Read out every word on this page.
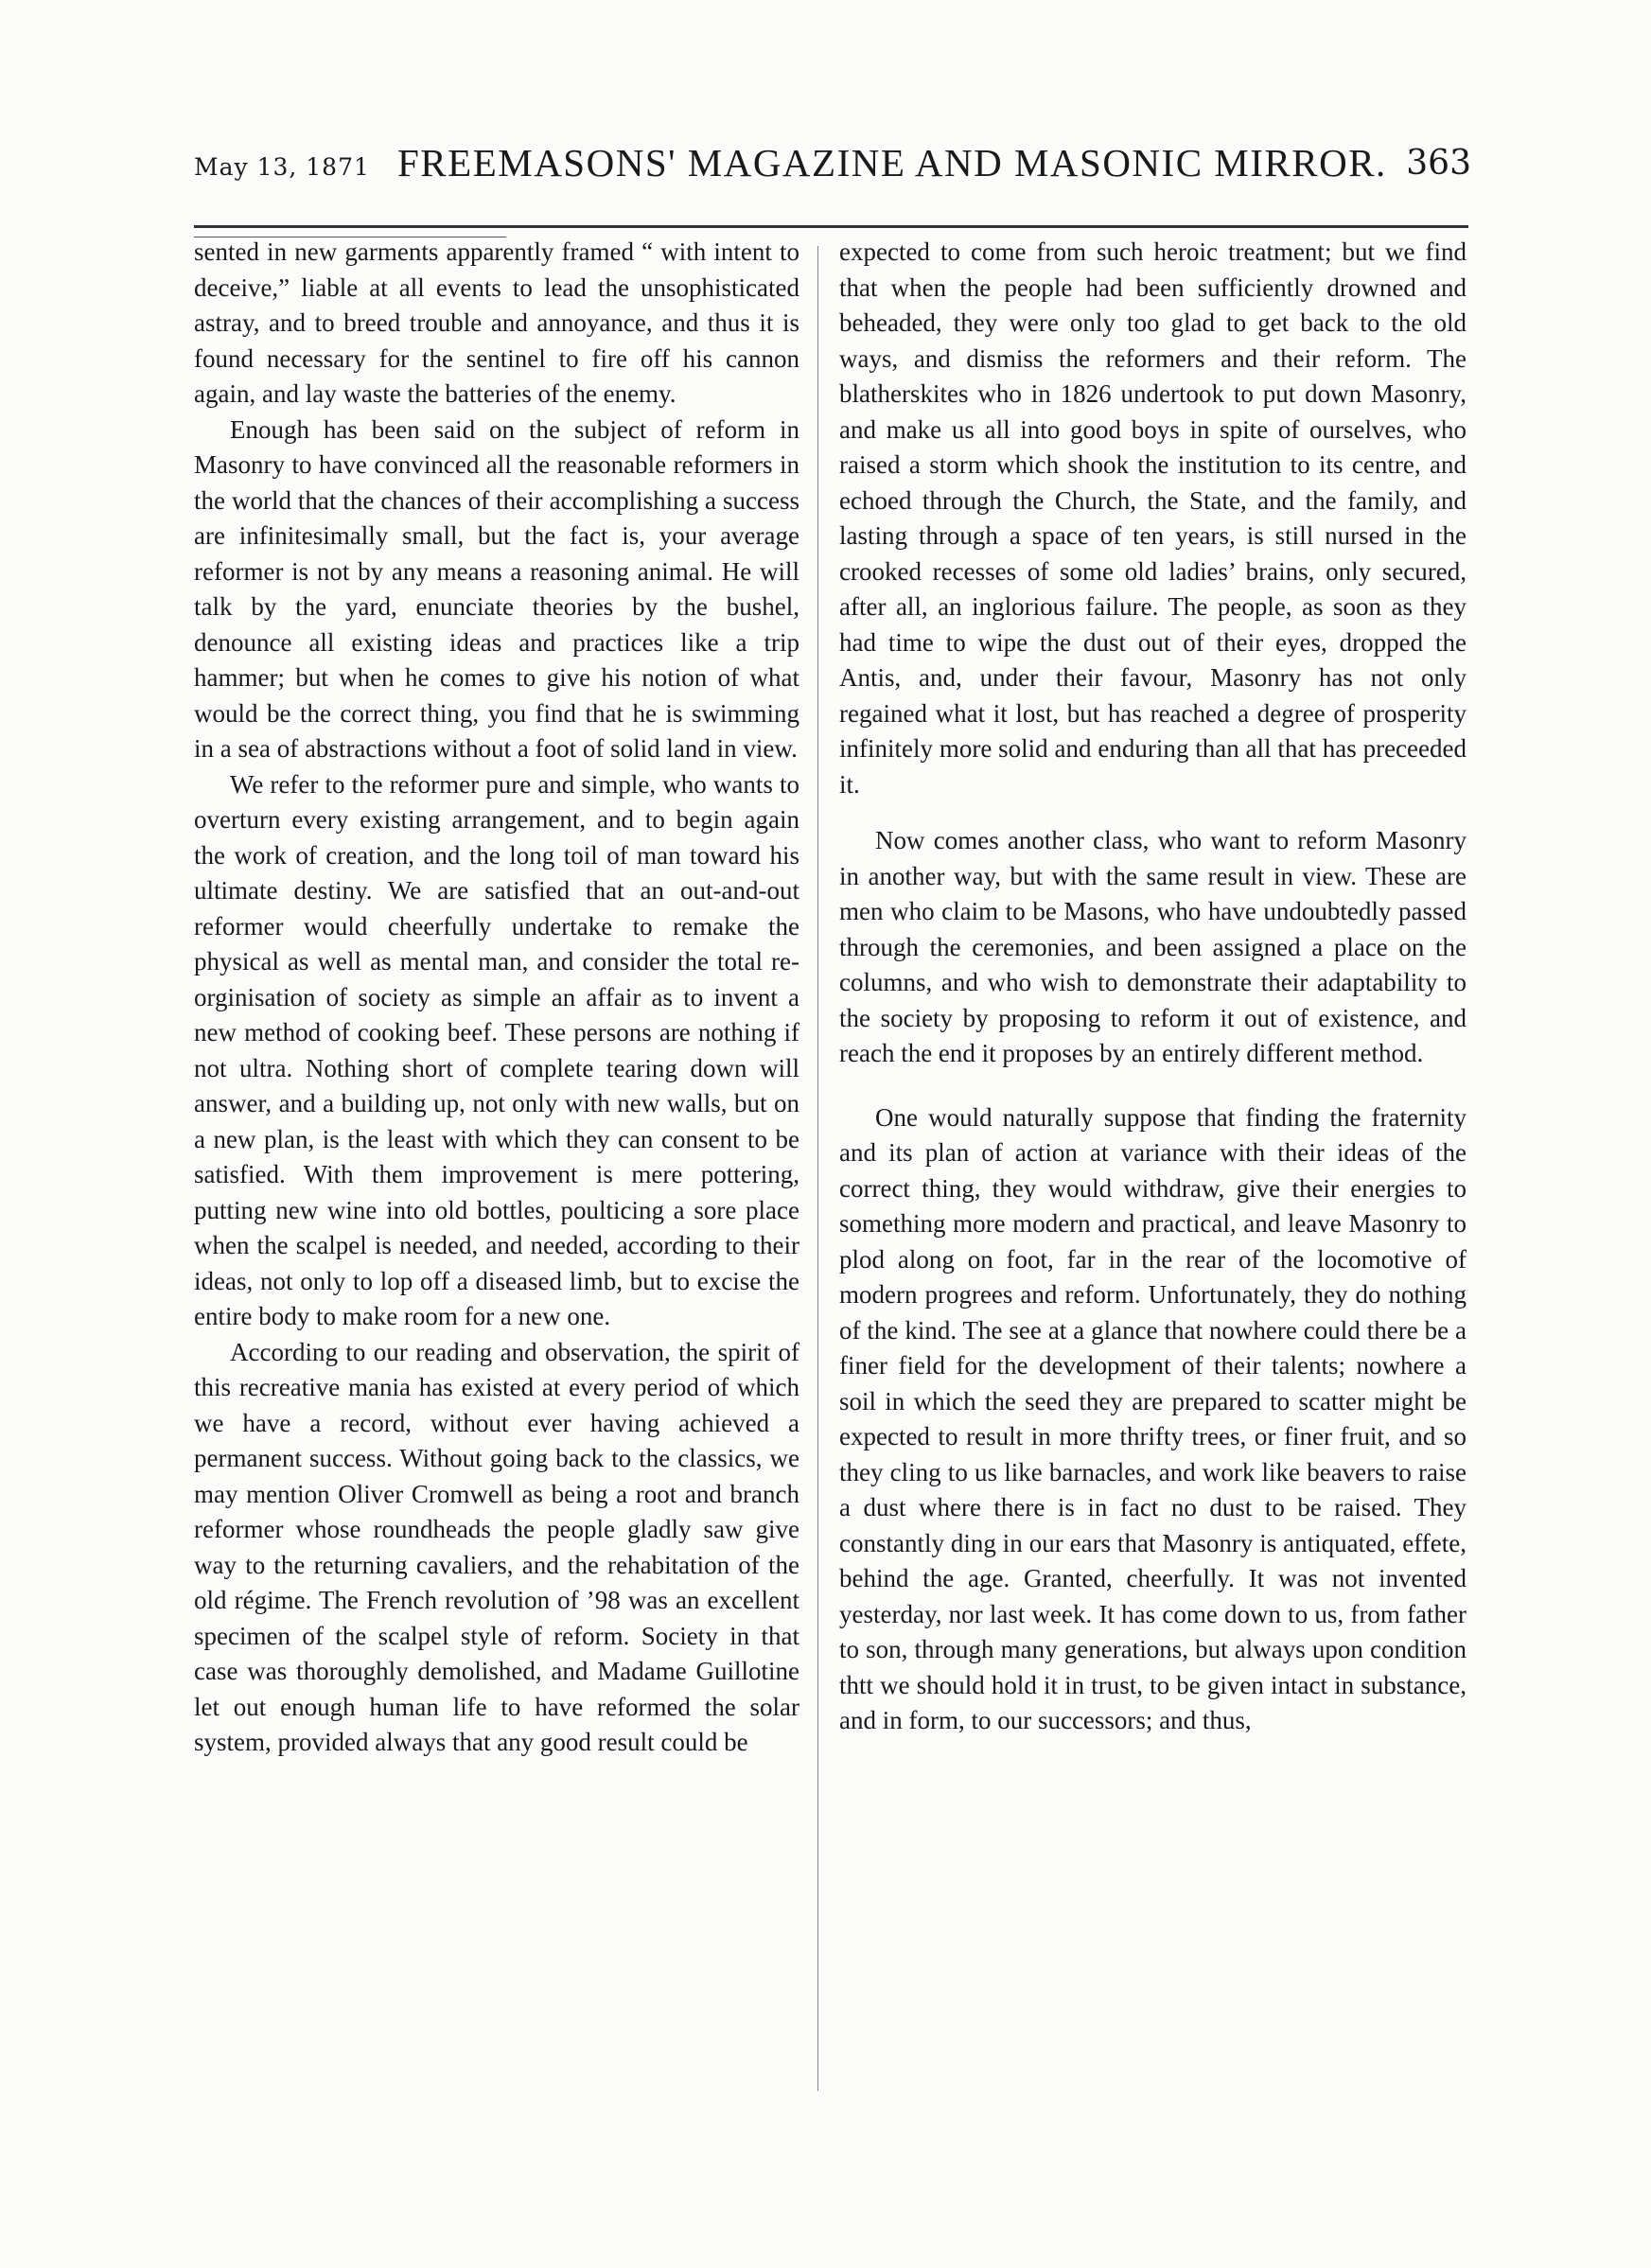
May 13, 1871 FREEMASONS' MAGAZINE AND MASONIC MIRROR. 363

sented in new garments apparently framed “ with intent to deceive,” liable at all events to lead the unsophisticated astray, and to breed trouble and annoyance, and thus it is found necessary for the sentinel to fire off his cannon again, and lay waste the batteries of the enemy.

Enough has been said on the subject of reform in Masonry to have convinced all the reasonable reformers in the world that the chances of their accomplishing a success are infinitesimally small, but the fact is, your average reformer is not by any means a reasoning animal. He will talk by the yard, enunciate theories by the bushel, denounce all existing ideas and practices like a trip hammer; but when he comes to give his notion of what would be the correct thing, you find that he is swimming in a sea of abstractions without a foot of solid land in view.

We refer to the reformer pure and simple, who wants to overturn every existing arrangement, and to begin again the work of creation, and the long toil of man toward his ultimate destiny. We are satisfied that an out-and-out reformer would cheerfully undertake to remake the physical as well as mental man, and consider the total re-orginisation of society as simple an affair as to invent a new method of cooking beef. These persons are nothing if not ultra. Nothing short of complete tearing down will answer, and a building up, not only with new walls, but on a new plan, is the least with which they can consent to be satisfied. With them improvement is mere pottering, putting new wine into old bottles, poulticing a sore place when the scalpel is needed, and needed, according to their ideas, not only to lop off a diseased limb, but to excise the entire body to make room for a new one.

According to our reading and observation, the spirit of this recreative mania has existed at every period of which we have a record, without ever having achieved a permanent success. Without going back to the classics, we may mention Oliver Cromwell as being a root and branch reformer whose roundheads the people gladly saw give way to the returning cavaliers, and the rehabitation of the old régime. The French revolution of ’98 was an excellent specimen of the scalpel style of reform. Society in that case was thoroughly demolished, and Madame Guillotine let out enough human life to have reformed the solar system, provided always that any good result could be

expected to come from such heroic treatment; but we find that when the people had been sufficiently drowned and beheaded, they were only too glad to get back to the old ways, and dismiss the reformers and their reform. The blatherskites who in 1826 undertook to put down Masonry, and make us all into good boys in spite of ourselves, who raised a storm which shook the institution to its centre, and echoed through the Church, the State, and the family, and lasting through a space of ten years, is still nursed in the crooked recesses of some old ladies’ brains, only secured, after all, an inglorious failure. The people, as soon as they had time to wipe the dust out of their eyes, dropped the Antis, and, under their favour, Masonry has not only regained what it lost, but has reached a degree of prosperity infinitely more solid and enduring than all that has preceeded it.

Now comes another class, who want to reform Masonry in another way, but with the same result in view. These are men who claim to be Masons, who have undoubtedly passed through the ceremonies, and been assigned a place on the columns, and who wish to demonstrate their adaptability to the society by proposing to reform it out of existence, and reach the end it proposes by an entirely different method.

One would naturally suppose that finding the fraternity and its plan of action at variance with their ideas of the correct thing, they would withdraw, give their energies to something more modern and practical, and leave Masonry to plod along on foot, far in the rear of the locomotive of modern progrees and reform. Unfortunately, they do nothing of the kind. The see at a glance that nowhere could there be a finer field for the development of their talents; nowhere a soil in which the seed they are prepared to scatter might be expected to result in more thrifty trees, or finer fruit, and so they cling to us like barnacles, and work like beavers to raise a dust where there is in fact no dust to be raised. They constantly ding in our ears that Masonry is antiquated, effete, behind the age. Granted, cheerfully. It was not invented yesterday, nor last week. It has come down to us, from father to son, through many generations, but always upon condition thtt we should hold it in trust, to be given intact in substance, and in form, to our successors; and thus,
